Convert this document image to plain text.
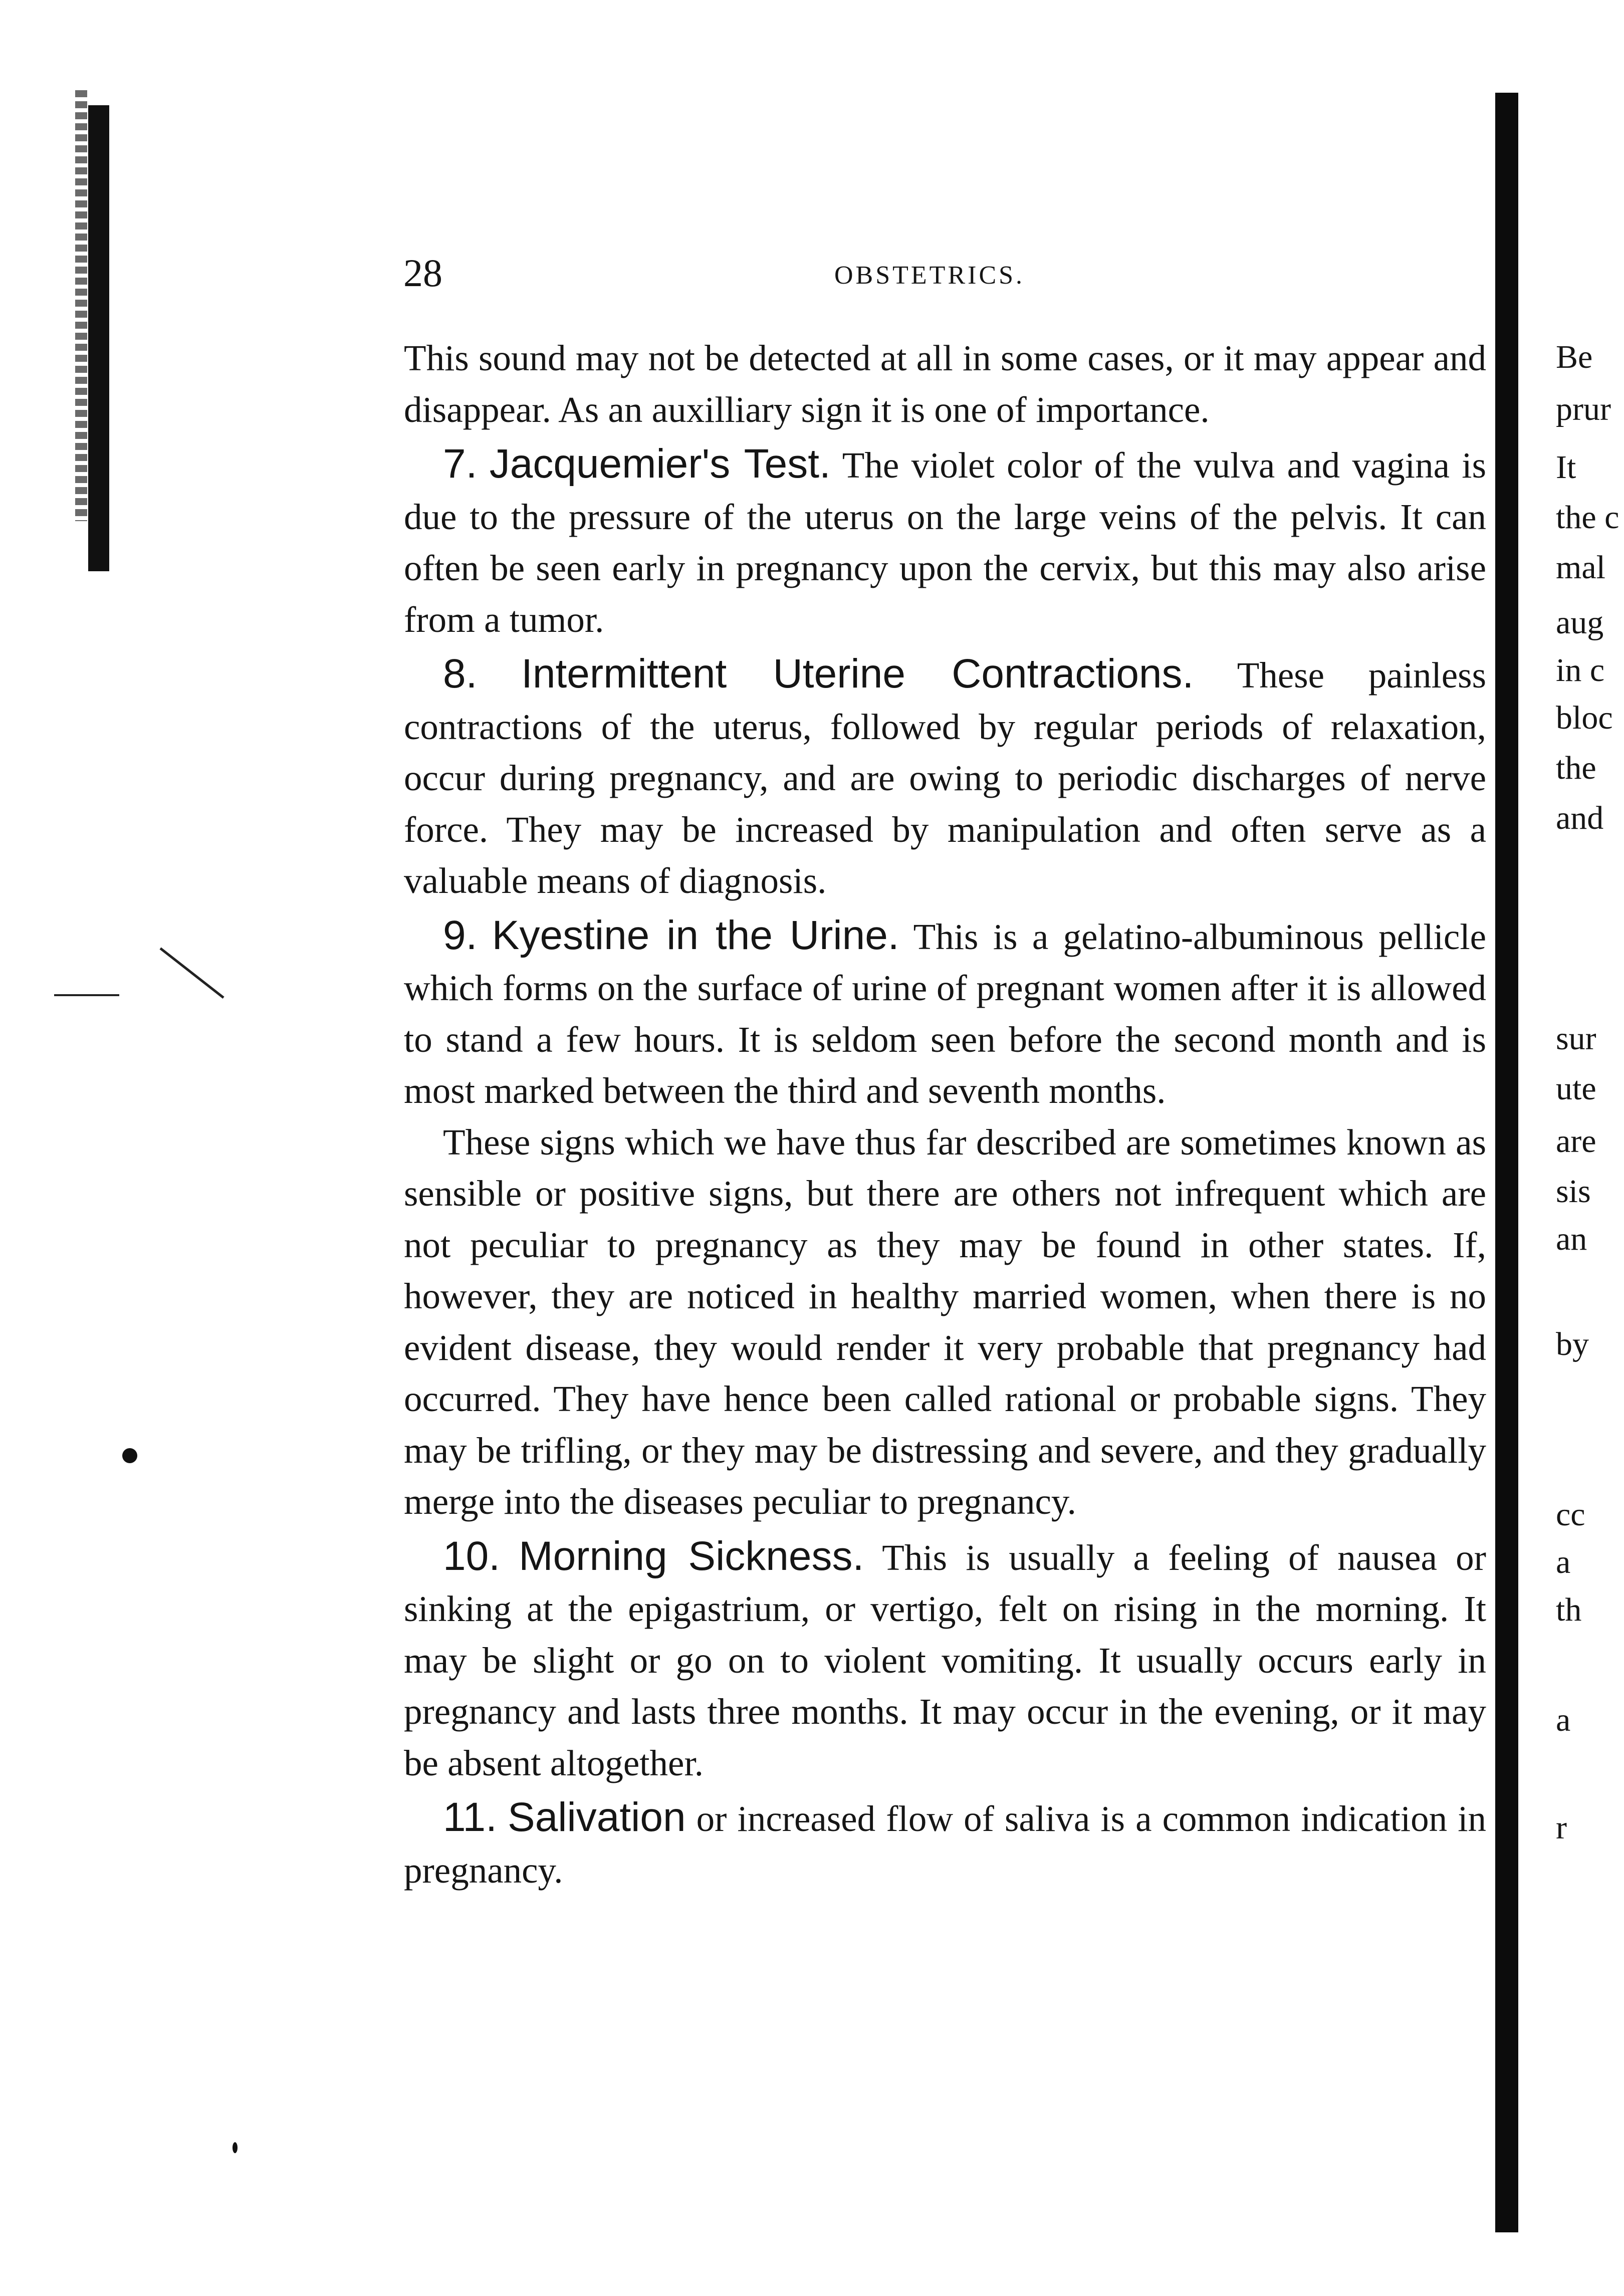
28	OBSTETRICS.

This sound may not be detected at all in some cases, or it may appear and disappear. As an auxilliary sign it is one of importance.

7. Jacquemier's Test. The violet color of the vulva and vagina is due to the pressure of the uterus on the large veins of the pelvis. It can often be seen early in pregnancy upon the cervix, but this may also arise from a tumor.

8. Intermittent Uterine Contractions. These painless contractions of the uterus, followed by regular periods of relaxation, occur during pregnancy, and are owing to periodic discharges of nerve force. They may be increased by manipulation and often serve as a valuable means of diagnosis.

9. Kyestine in the Urine. This is a gelatino-albuminous pellicle which forms on the surface of urine of pregnant women after it is allowed to stand a few hours. It is seldom seen before the second month and is most marked between the third and seventh months.

These signs which we have thus far described are sometimes known as sensible or positive signs, but there are others not infrequent which are not peculiar to pregnancy as they may be found in other states. If, however, they are noticed in healthy married women, when there is no evident disease, they would render it very probable that pregnancy had occurred. They have hence been called rational or probable signs. They may be trifling, or they may be distressing and severe, and they gradually merge into the diseases peculiar to pregnancy.

10. Morning Sickness. This is usually a feeling of nausea or sinking at the epigastrium, or vertigo, felt on rising in the morning. It may be slight or go on to violent vomiting. It usually occurs early in pregnancy and lasts three months. It may occur in the evening, or it may be absent altogether.

11. Salivation or increased flow of saliva is a common indication in pregnancy.

Be
prur
It
the c
mal
aug
in c
bloc
the
and
sur
ute
are
sis
an
by
cc
a
th
a
r
